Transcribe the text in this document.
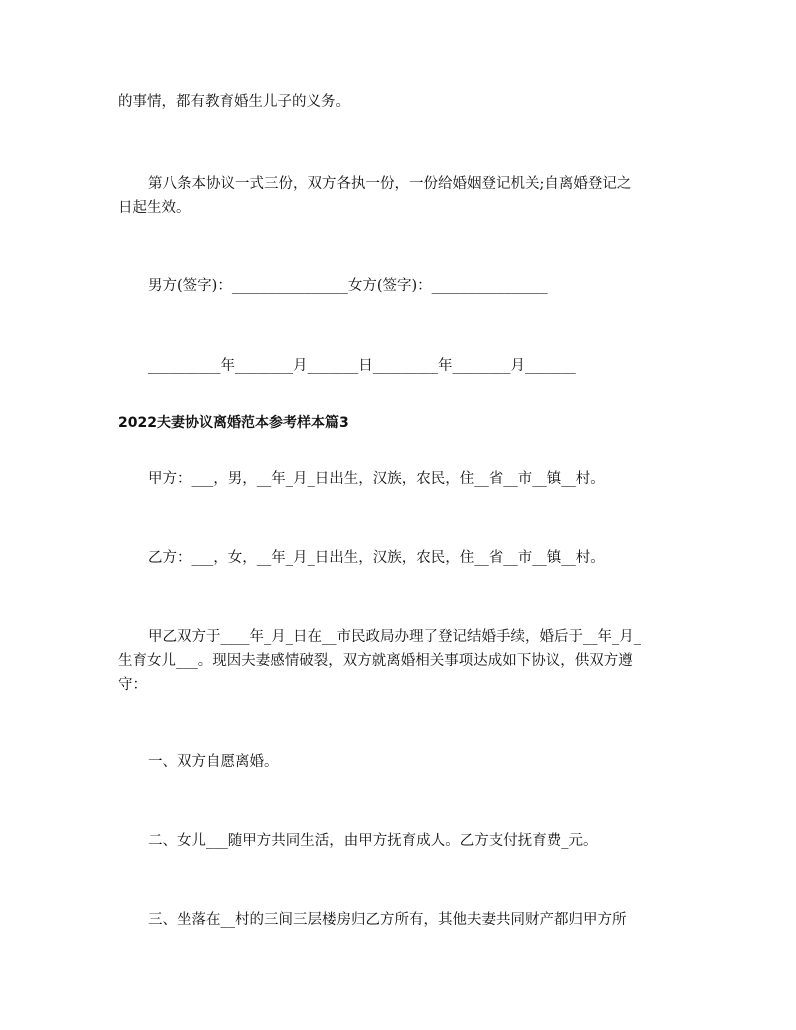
的事情，都有教育婚生儿子的义务。
第八条本协议一式三份，双方各执一份，一份给婚姻登记机关;自离婚登记之
日起生效。
男方(签字)：________________女方(签字)：________________
__________年________月_______日_________年________月_______
2022夫妻协议离婚范本参考样本篇3
甲方：___，男，__年_月_日出生，汉族，农民，住__省__市__镇__村。
乙方：___，女，__年_月_日出生，汉族，农民，住__省__市__镇__村。
甲乙双方于____年_月_日在__市民政局办理了登记结婚手续，婚后于__年_月_
生育女儿___。现因夫妻感情破裂，双方就离婚相关事项达成如下协议，供双方遵
守：
一、双方自愿离婚。
二、女儿___随甲方共同生活，由甲方抚育成人。乙方支付抚育费_元。
三、坐落在__村的三间三层楼房归乙方所有，其他夫妻共同财产都归甲方所
